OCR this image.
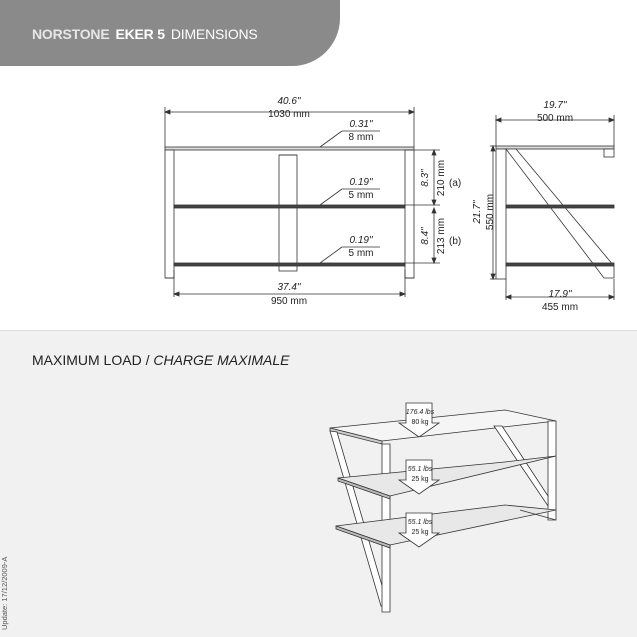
NORSTONE EKER 5 DIMENSIONS
40.6"
1030 mm
0.31"
8 mm
0.19"
5 mm
0.19"
5 mm
8.3" 210 mm (a)
8.4" 213 mm (b)
37.4"
950 mm
19.7"
500 mm
21.7" 550 mm
17.9"
455 mm
176.4 lbs
80 kg
55.1 lbs
25 kg
55.1 lbs
25 kg
MAXIMUM LOAD / CHARGE MAXIMALE
Update: 17/12/2009-A
